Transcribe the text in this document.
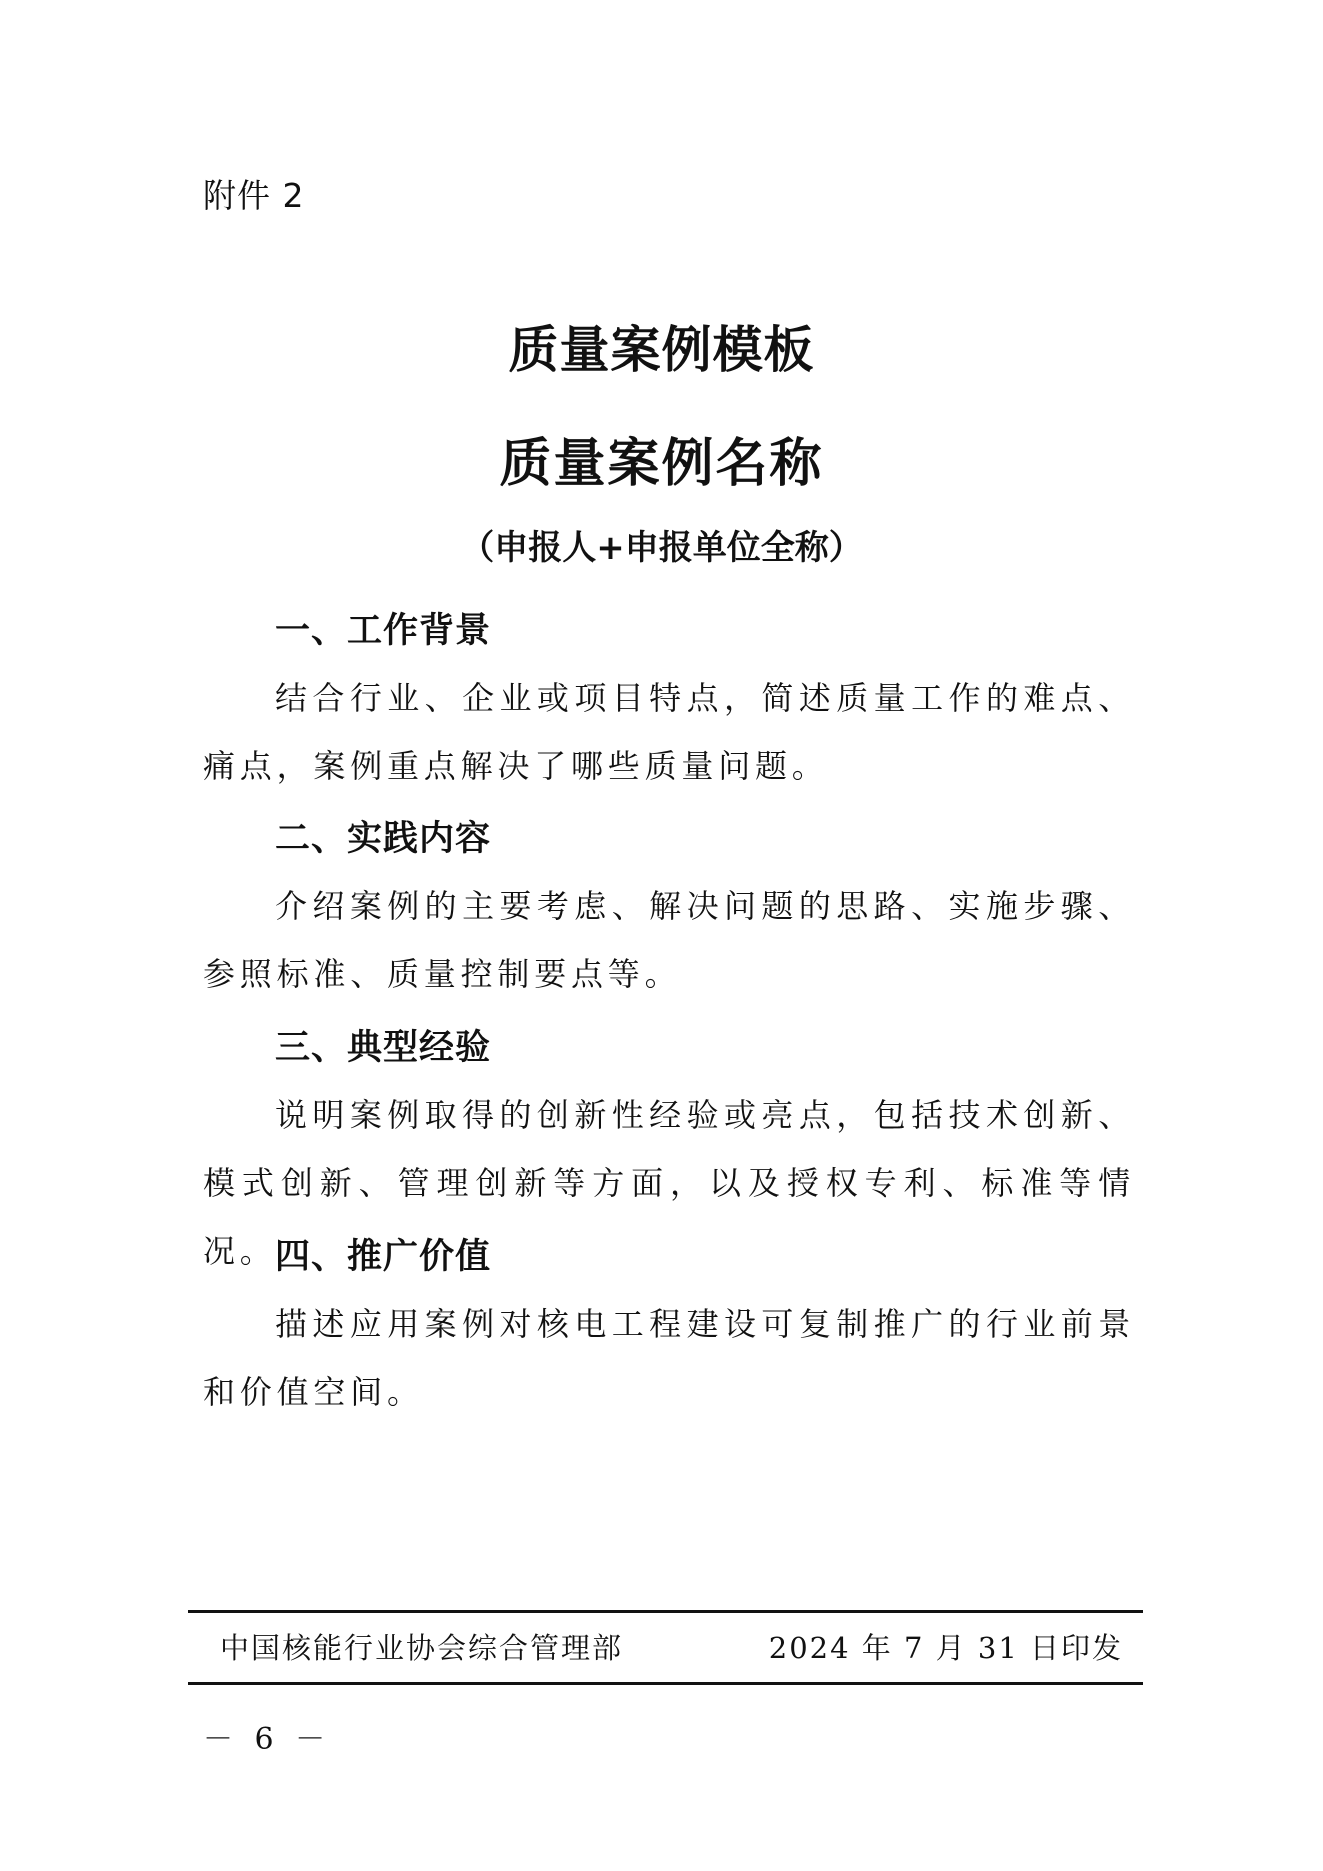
附件 2
质量案例模板
质量案例名称
（申报人+申报单位全称）
一、工作背景
结合行业、企业或项目特点，简述质量工作的难点、痛点，案例重点解决了哪些质量问题。
二、实践内容
介绍案例的主要考虑、解决问题的思路、实施步骤、参照标准、质量控制要点等。
三、典型经验
说明案例取得的创新性经验或亮点，包括技术创新、模式创新、管理创新等方面，以及授权专利、标准等情况。
四、推广价值
描述应用案例对核电工程建设可复制推广的行业前景和价值空间。
中国核能行业协会综合管理部	2024 年 7 月 31 日印发
－ 6 －
